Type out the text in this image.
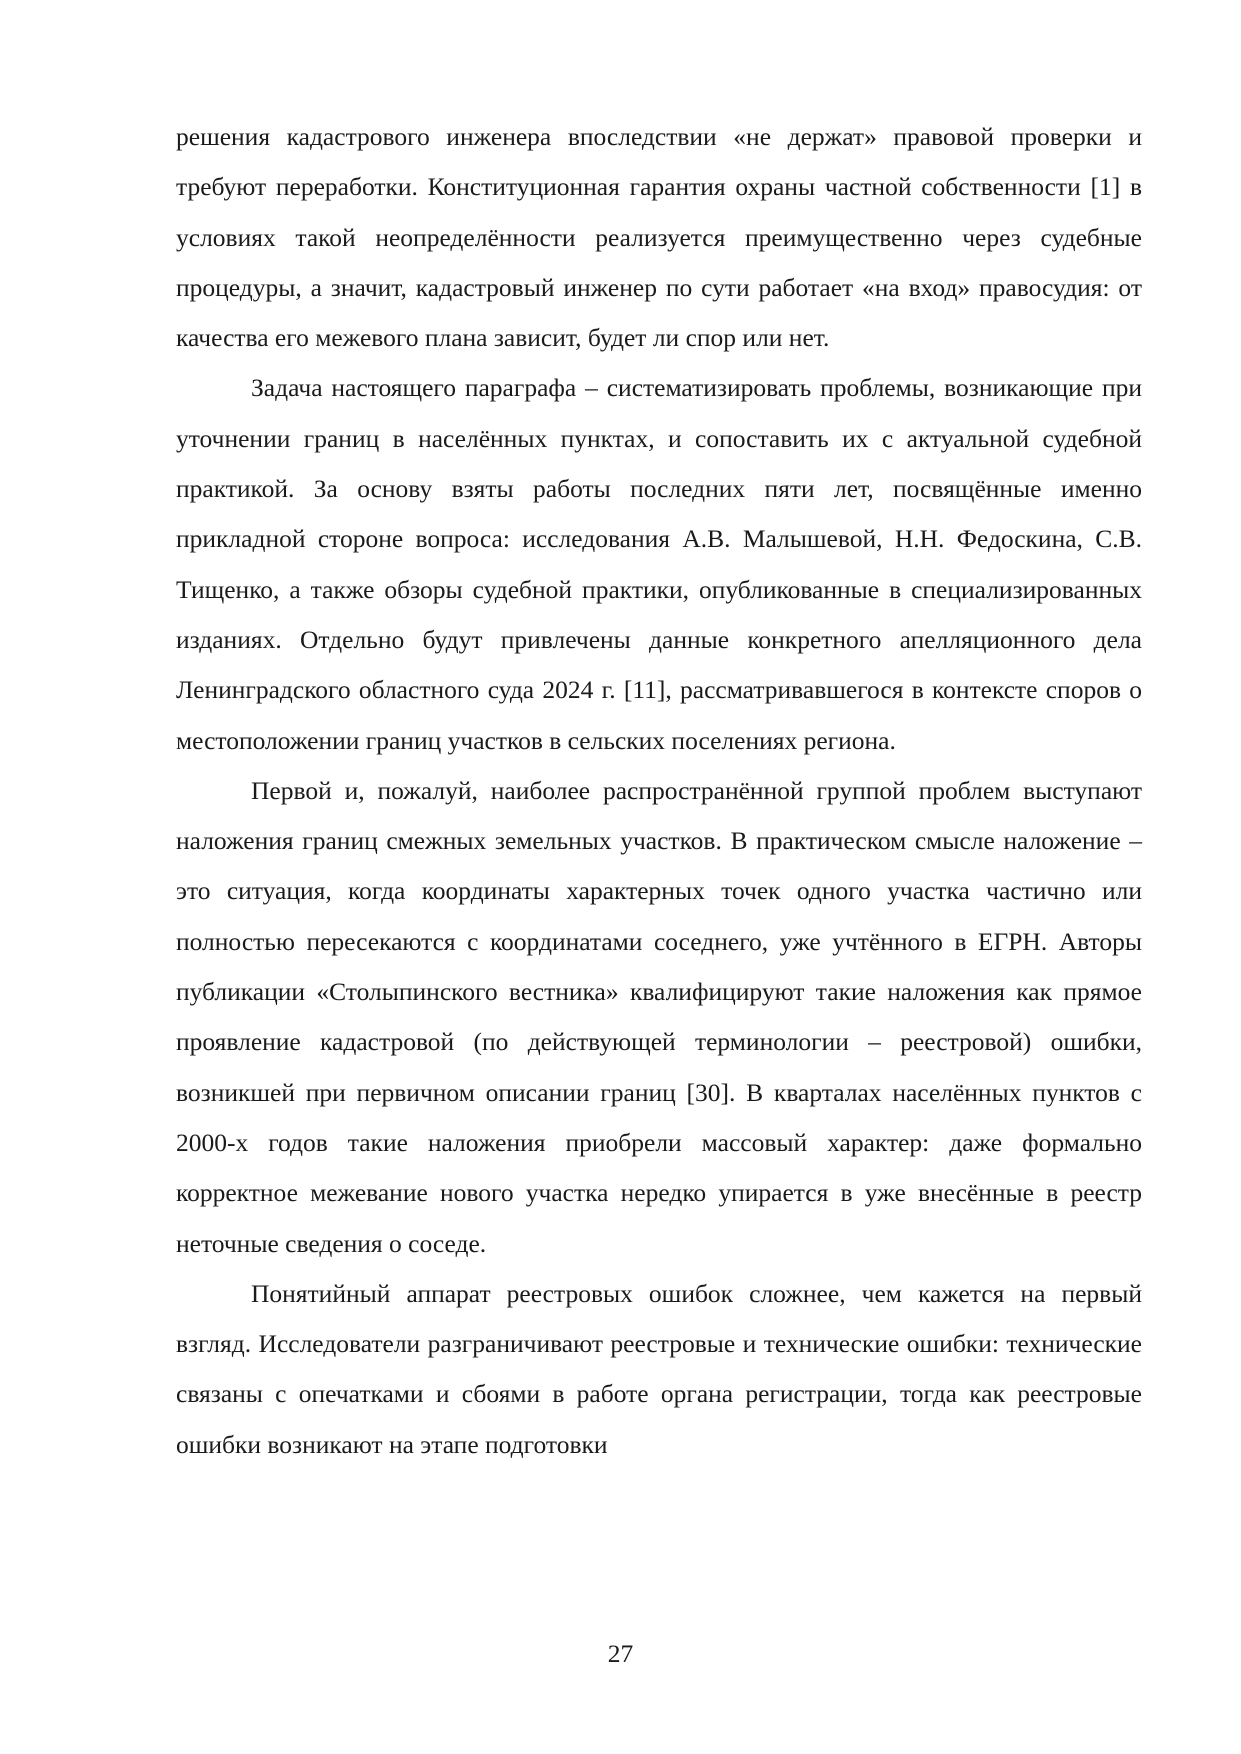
решения кадастрового инженера впоследствии «не держат» правовой проверки и требуют переработки. Конституционная гарантия охраны частной собственности [1] в условиях такой неопределённости реализуется преимущественно через судебные процедуры, а значит, кадастровый инженер по сути работает «на вход» правосудия: от качества его межевого плана зависит, будет ли спор или нет.

Задача настоящего параграфа – систематизировать проблемы, возникающие при уточнении границ в населённых пунктах, и сопоставить их с актуальной судебной практикой. За основу взяты работы последних пяти лет, посвящённые именно прикладной стороне вопроса: исследования А.В. Малышевой, Н.Н. Федоскина, С.В. Тищенко, а также обзоры судебной практики, опубликованные в специализированных изданиях. Отдельно будут привлечены данные конкретного апелляционного дела Ленинградского областного суда 2024 г. [11], рассматривавшегося в контексте споров о местоположении границ участков в сельских поселениях региона.

Первой и, пожалуй, наиболее распространённой группой проблем выступают наложения границ смежных земельных участков. В практическом смысле наложение – это ситуация, когда координаты характерных точек одного участка частично или полностью пересекаются с координатами соседнего, уже учтённого в ЕГРН. Авторы публикации «Столыпинского вестника» квалифицируют такие наложения как прямое проявление кадастровой (по действующей терминологии – реестровой) ошибки, возникшей при первичном описании границ [30]. В кварталах населённых пунктов с 2000-х годов такие наложения приобрели массовый характер: даже формально корректное межевание нового участка нередко упирается в уже внесённые в реестр неточные сведения о соседе.

Понятийный аппарат реестровых ошибок сложнее, чем кажется на первый взгляд. Исследователи разграничивают реестровые и технические ошибки: технические связаны с опечатками и сбоями в работе органа регистрации, тогда как реестровые ошибки возникают на этапе подготовки

27
